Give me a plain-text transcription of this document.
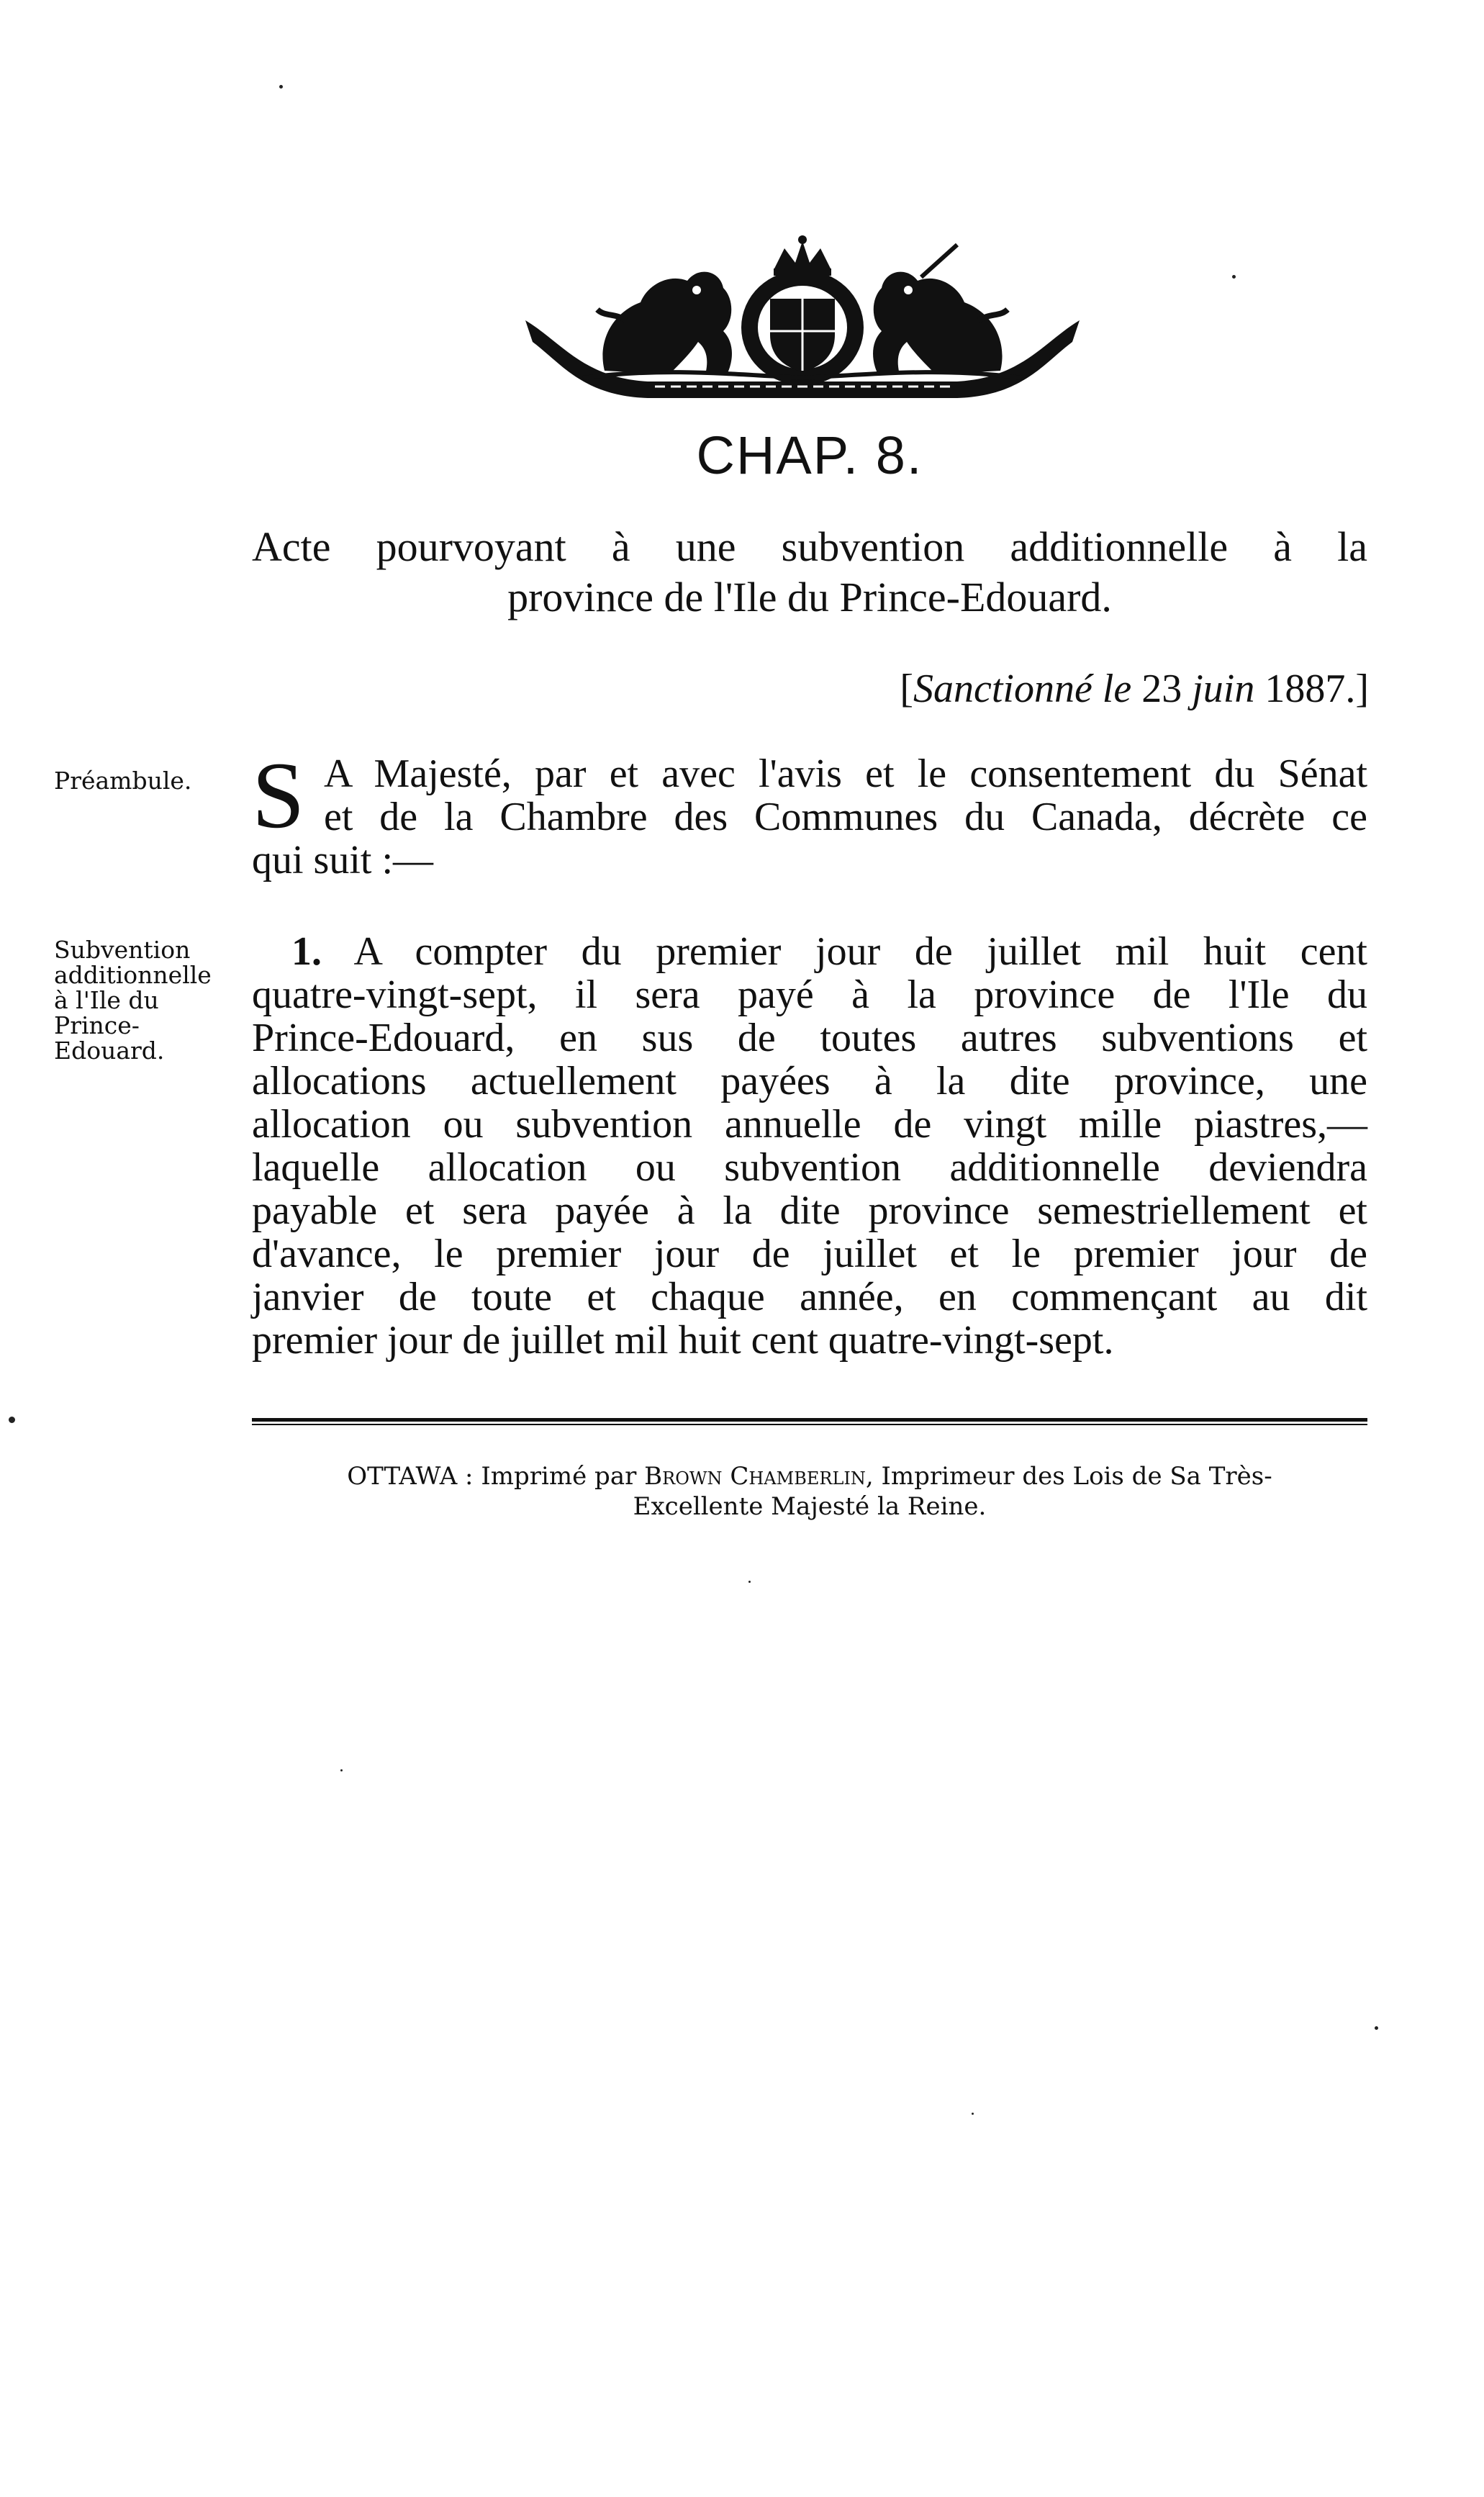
CHAP. 8.
Acte pourvoyant à une subvention additionnelle à la
province de l'Ile du Prince-Edouard.
[Sanctionné le 23 juin 1887.]
Préambule.
Subvention
additionnelle
à l'Ile du
Prince-
Edouard.
S A Majesté, par et avec l'avis et le consentement du Sénat
et de la Chambre des Communes du Canada, décrète ce
qui suit :—
1. A compter du premier jour de juillet mil huit cent
quatre-vingt-sept, il sera payé à la province de l'Ile du
Prince-Edouard, en sus de toutes autres subventions et
allocations actuellement payées à la dite province, une
allocation ou subvention annuelle de vingt mille piastres,—
laquelle allocation ou subvention additionnelle deviendra
payable et sera payée à la dite province semestriellement et
d'avance, le premier jour de juillet et le premier jour de
janvier de toute et chaque année, en commençant au dit
premier jour de juillet mil huit cent quatre-vingt-sept.
OTTAWA : Imprimé par Brown Chamberlin, Imprimeur des Lois de Sa Très-
Excellente Majesté la Reine.
